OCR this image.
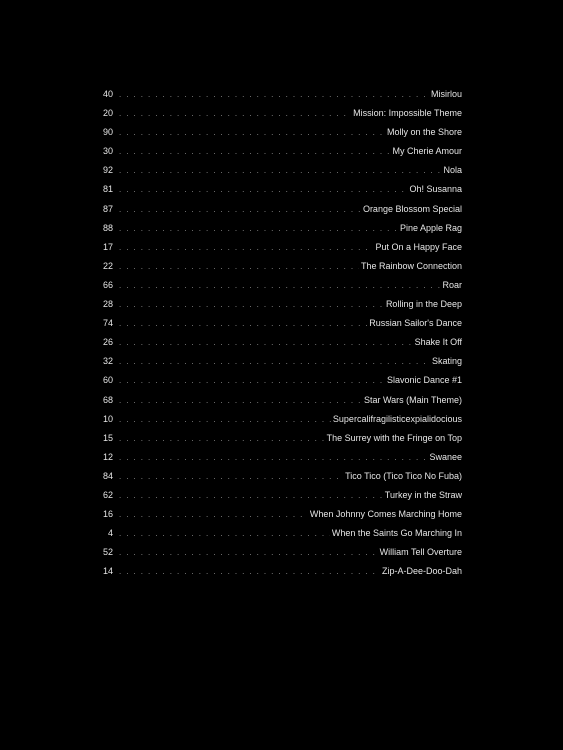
40 . . .	Misirlou
20 . . .	Mission: Impossible Theme
90 . . .	Molly on the Shore
30 . . .	My Cherie Amour
92 . . .	Nola
81 . . .	Oh! Susanna
87 . . .	Orange Blossom Special
88 . . .	Pine Apple Rag
17 . . .	Put On a Happy Face
22 . . .	The Rainbow Connection
66 . . .	Roar
28 . . .	Rolling in the Deep
74 . . .	Russian Sailor's Dance
26 . . .	Shake It Off
32 . . .	Skating
60 . . .	Slavonic Dance #1
68 . . .	Star Wars (Main Theme)
10 . . .	Supercalifragilisticexpialidocious
15 . . .	The Surrey with the Fringe on Top
12 . . .	Swanee
84 . . .	Tico Tico (Tico Tico No Fuba)
62 . . .	Turkey in the Straw
16 . . .	When Johnny Comes Marching Home
4 . . .	When the Saints Go Marching In
52 . . .	William Tell Overture
14 . . .	Zip-A-Dee-Doo-Dah
